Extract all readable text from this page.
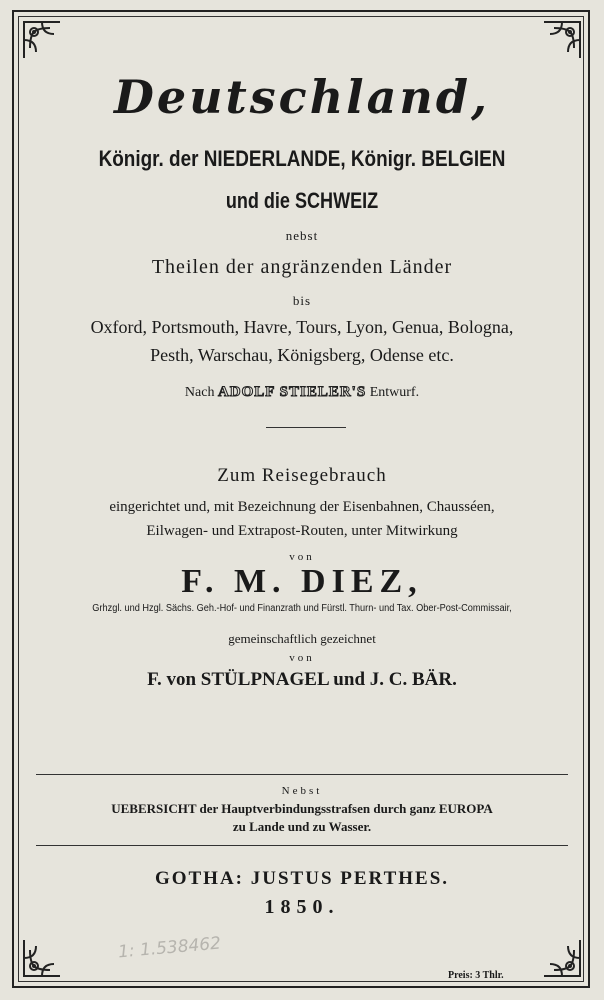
Deutschland,
Königr. der NIEDERLANDE, Königr. BELGIEN
und die SCHWEIZ
nebst
Theilen der angränzenden Länder
bis
Oxford, Portsmouth, Havre, Tours, Lyon, Genua, Bologna,
Pesth, Warschau, Königsberg, Odense etc.
Nach ADOLF STIELER'S Entwurf.
Zum Reisegebrauch
eingerichtet und, mit Bezeichnung der Eisenbahnen, Chausséen,
Eilwagen- und Extrapost-Routen, unter Mitwirkung
von
F. M. DIEZ,
Grhzgl. und Hzgl. Sächs. Geh.-Hof- und Finanzrath und Fürstl. Thurn- und Tax. Ober-Post-Commissair,
gemeinschaftlich gezeichnet
von
F. von STÜLPNAGEL und J. C. BÄR.
Nebst
UEBERSICHT der Hauptverbindungsstrafsen durch ganz EUROPA
zu Lande und zu Wasser.
GOTHA: JUSTUS PERTHES.
1850.
1: 1.538462
Preis: 3 Thlr.
